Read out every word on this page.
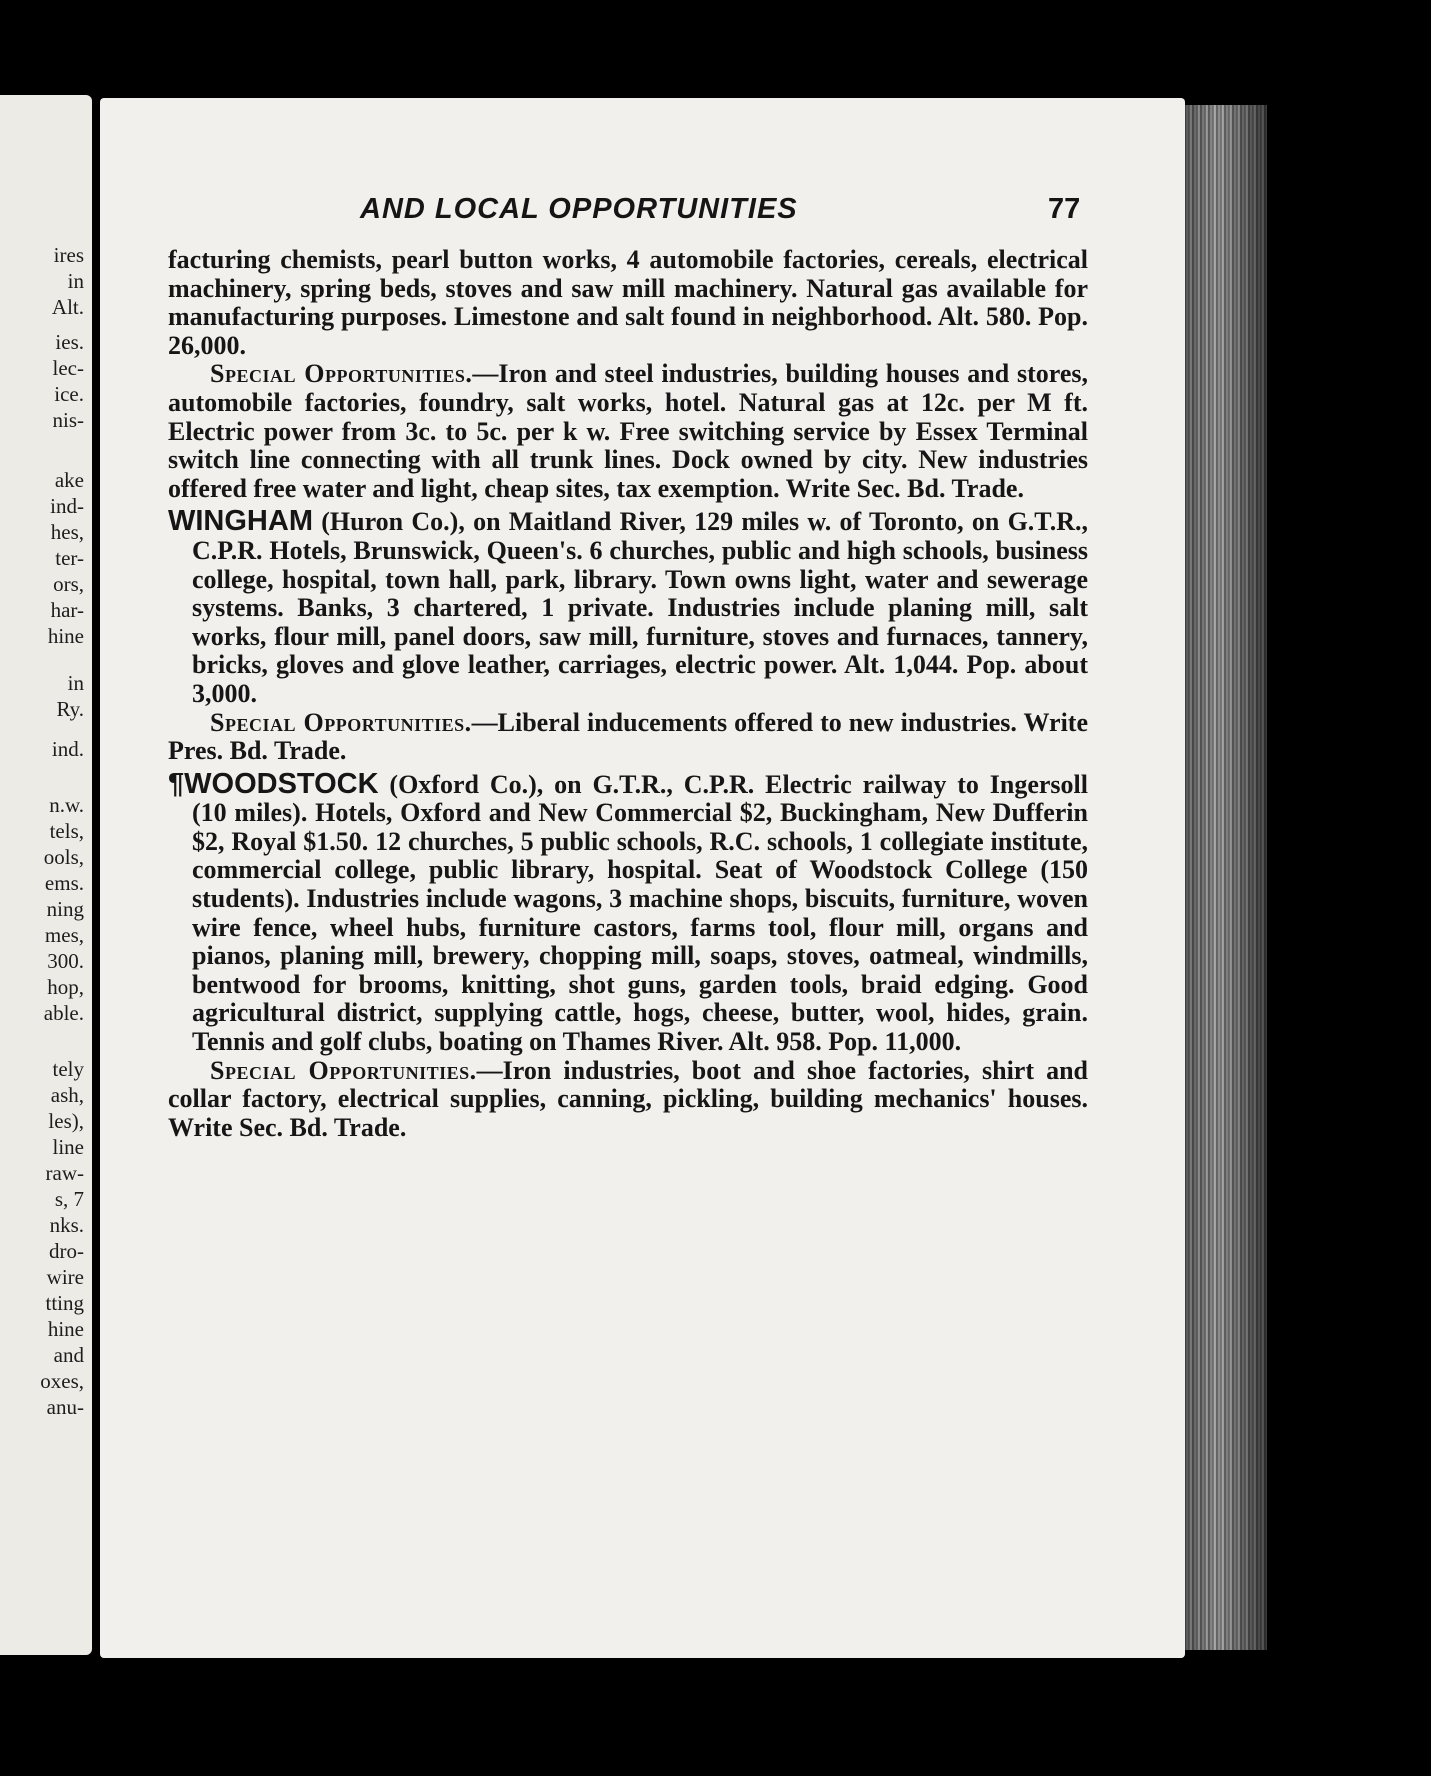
ires
in
Alt.
ies.
lec-
ice.
nis-
ake
ind-
hes,
ter-
ors,
har-
hine
in
Ry.
ind.
n.w.
tels,
ools,
ems.
ning
mes,
300.
hop,
able.
tely
ash,
les),
line
raw-
s, 7
nks.
dro-
wire
tting
hine
and
oxes,
anu-
AND LOCAL OPPORTUNITIES	77

facturing chemists, pearl button works, 4 automobile factories, cereals, electrical machinery, spring beds, stoves and saw mill machinery. Natural gas available for manufacturing purposes. Limestone and salt found in neighborhood. Alt. 580. Pop. 26,000.

Special Opportunities.—Iron and steel industries, building houses and stores, automobile factories, foundry, salt works, hotel. Natural gas at 12c. per M ft. Electric power from 3c. to 5c. per k w. Free switching service by Essex Terminal switch line connecting with all trunk lines. Dock owned by city. New industries offered free water and light, cheap sites, tax exemption. Write Sec. Bd. Trade.

WINGHAM (Huron Co.), on Maitland River, 129 miles w. of Toronto, on G.T.R., C.P.R. Hotels, Brunswick, Queen's. 6 churches, public and high schools, business college, hospital, town hall, park, library. Town owns light, water and sewerage systems. Banks, 3 chartered, 1 private. Industries include planing mill, salt works, flour mill, panel doors, saw mill, furniture, stoves and furnaces, tannery, bricks, gloves and glove leather, carriages, electric power. Alt. 1,044. Pop. about 3,000.

Special Opportunities.—Liberal inducements offered to new industries. Write Pres. Bd. Trade.

¶WOODSTOCK (Oxford Co.), on G.T.R., C.P.R. Electric railway to Ingersoll (10 miles). Hotels, Oxford and New Commercial $2, Buckingham, New Dufferin $2, Royal $1.50. 12 churches, 5 public schools, R.C. schools, 1 collegiate institute, commercial college, public library, hospital. Seat of Woodstock College (150 students). Industries include wagons, 3 machine shops, biscuits, furniture, woven wire fence, wheel hubs, furniture castors, farms tool, flour mill, organs and pianos, planing mill, brewery, chopping mill, soaps, stoves, oatmeal, windmills, bentwood for brooms, knitting, shot guns, garden tools, braid edging. Good agricultural district, supplying cattle, hogs, cheese, butter, wool, hides, grain. Tennis and golf clubs, boating on Thames River. Alt. 958. Pop. 11,000.

Special Opportunities.—Iron industries, boot and shoe factories, shirt and collar factory, electrical supplies, canning, pickling, building mechanics' houses. Write Sec. Bd. Trade.
